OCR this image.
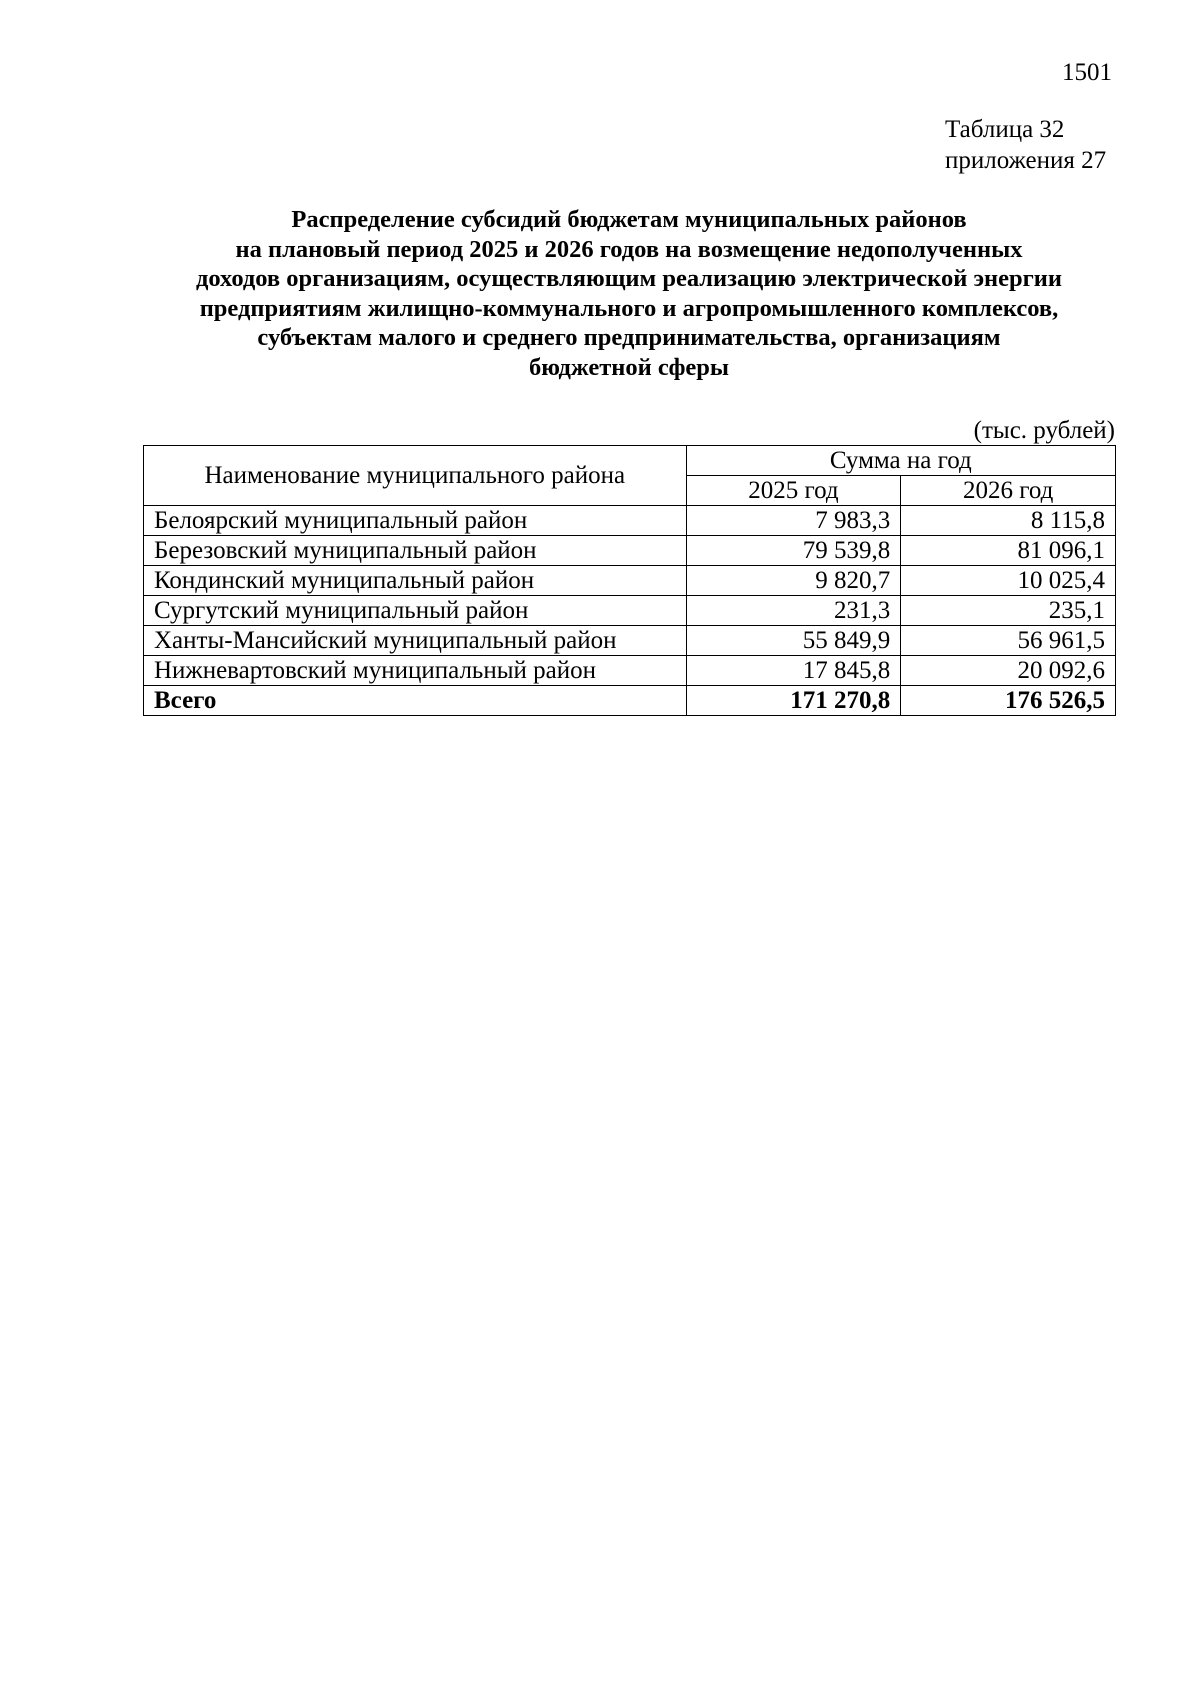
1501
Таблица 32
приложения 27
Распределение субсидий бюджетам муниципальных районов
на плановый период 2025 и 2026 годов на возмещение недополученных
доходов организациям, осуществляющим реализацию электрической энергии
предприятиям жилищно-коммунального и агропромышленного комплексов,
субъектам малого и среднего предпринимательства, организациям
бюджетной сферы
(тыс. рублей)
Наименование муниципального района	Сумма на год	
	2025 год	2026 год
Белоярский муниципальный район	7 983,3	8 115,8
Березовский муниципальный район	79 539,8	81 096,1
Кондинский муниципальный район	9 820,7	10 025,4
Сургутский муниципальный район	231,3	235,1
Ханты-Мансийский муниципальный район	55 849,9	56 961,5
Нижневартовский муниципальный район	17 845,8	20 092,6
Всего	171 270,8	176 526,5
